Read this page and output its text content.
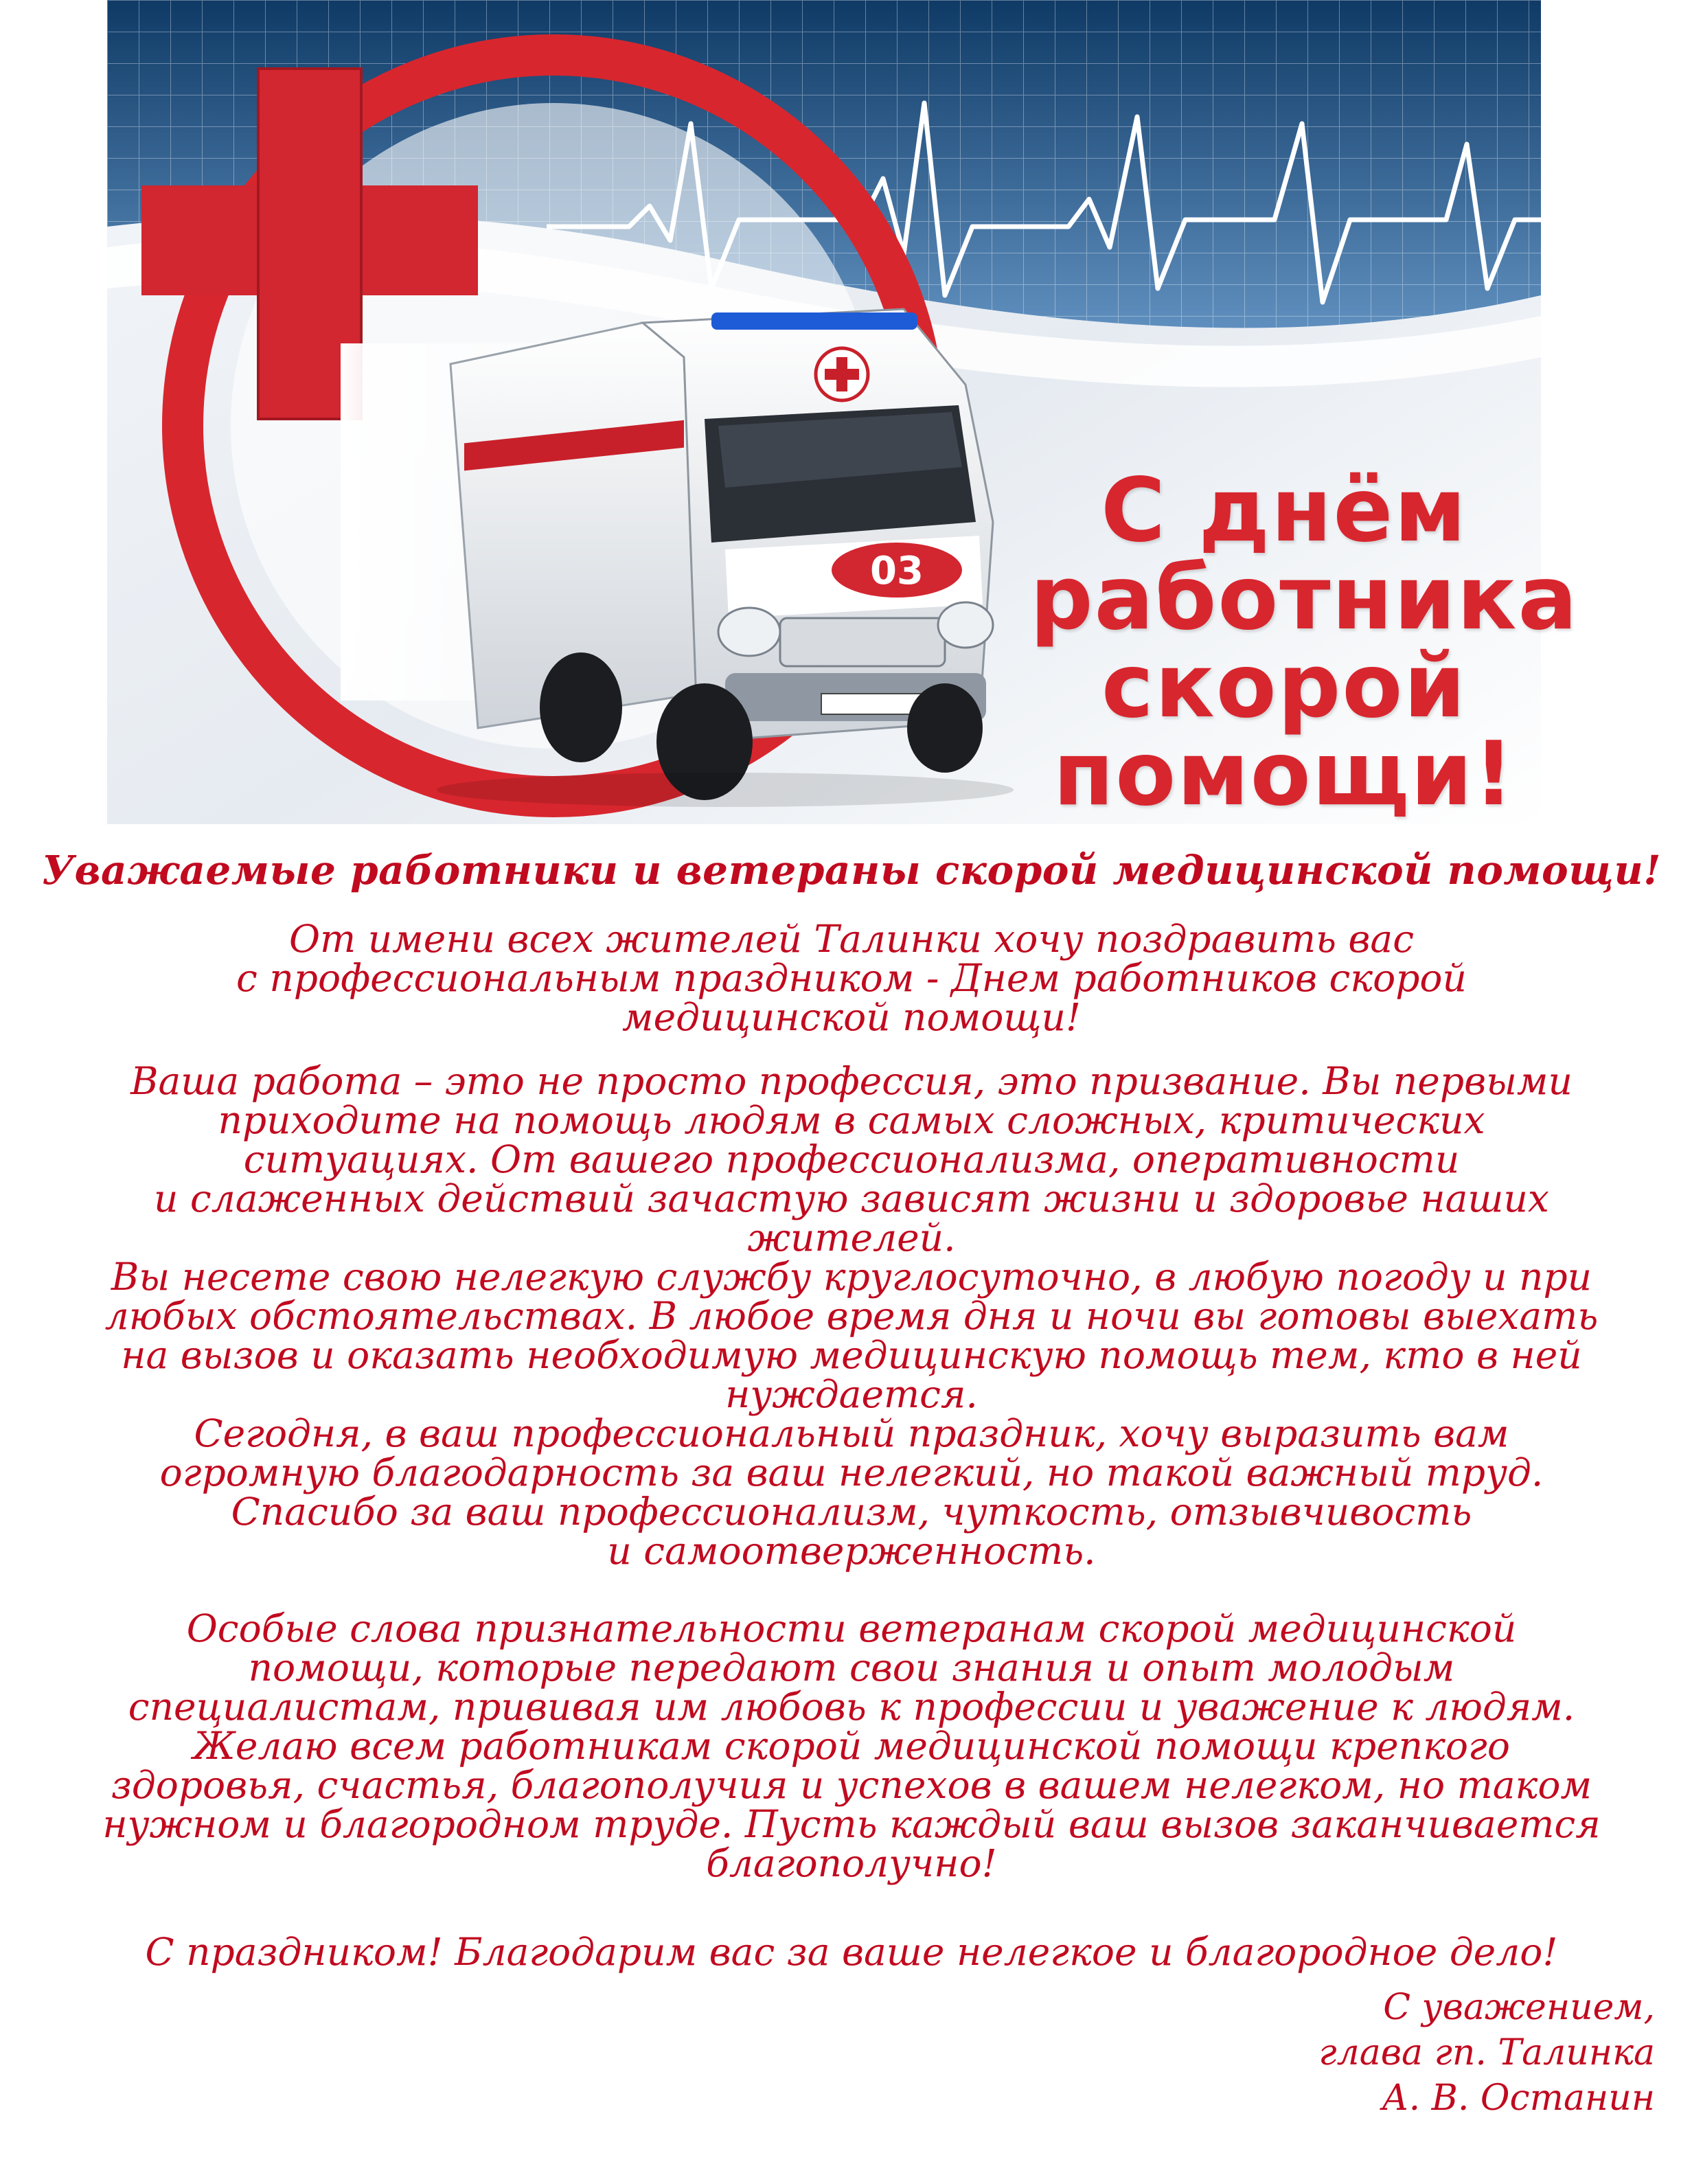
03
С днём
работника
скорой
помощи!
Уважаемые работники и ветераны скорой медицинской помощи!
От имени всех жителей Талинки хочу поздравить вас
с профессиональным праздником - Днем работников скорой
медицинской помощи!
Ваша работа – это не просто профессия, это призвание. Вы первыми
приходите на помощь людям в самых сложных, критических
ситуациях. От вашего профессионализма, оперативности
и слаженных действий зачастую зависят жизни и здоровье наших
жителей.
Вы несете свою нелегкую службу круглосуточно, в любую погоду и при
любых обстоятельствах. В любое время дня и ночи вы готовы выехать
на вызов и оказать необходимую медицинскую помощь тем, кто в ней
нуждается.
Сегодня, в ваш профессиональный праздник, хочу выразить вам
огромную благодарность за ваш нелегкий, но такой важный труд.
Спасибо за ваш профессионализм, чуткость, отзывчивость
и самоотверженность.
Особые слова признательности ветеранам скорой медицинской
помощи, которые передают свои знания и опыт молодым
специалистам, прививая им любовь к профессии и уважение к людям.
Желаю всем работникам скорой медицинской помощи крепкого
здоровья, счастья, благополучия и успехов в вашем нелегком, но таком
нужном и благородном труде. Пусть каждый ваш вызов заканчивается
благополучно!
С праздником! Благодарим вас за ваше нелегкое и благородное дело!
С уважением,
глава гп. Талинка
А. В. Останин
